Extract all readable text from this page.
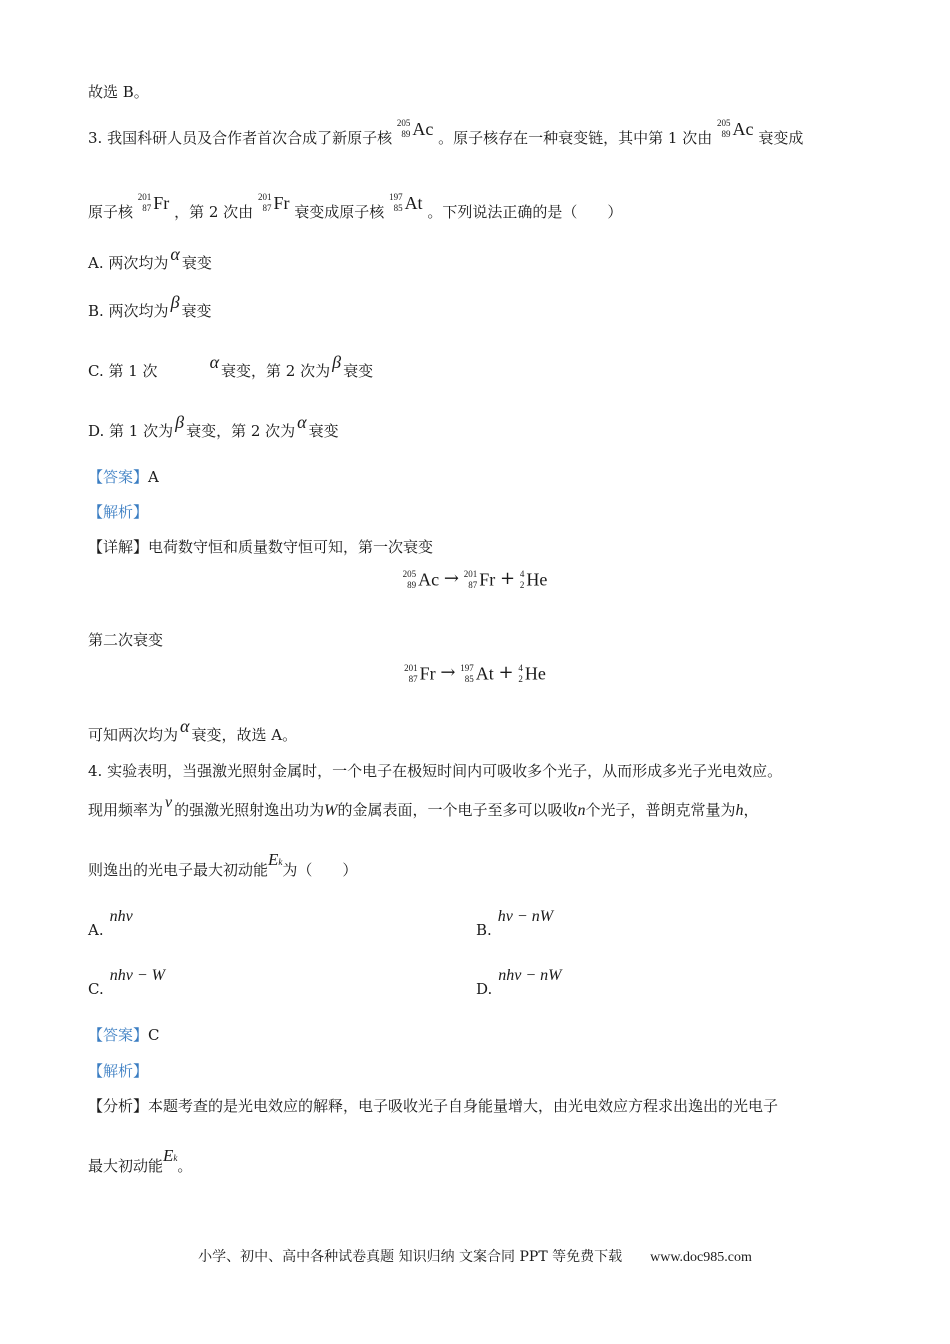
故选 B。
3. 我国科研人员及合作者首次合成了新原子核 205
89 Ac 。原子核存在一种衰变链，其中第 1 次由 205
89 Ac 衰变成
原子核 201
87 Fr ，第 2 次由 201
87 Fr 衰变成原子核 197
85 At 。下列说法正确的是（　　）
A. 两次均为 α 衰变
B. 两次均为 β 衰变
C. 第 1 次	α 衰变，第 2 次为 β 衰变
D. 第 1 次为 β 衰变，第 2 次为 α 衰变
【答案】A
【解析】
【详解】电荷数守恒和质量数守恒可知，第一次衰变
205
89 Ac → 201
87 Fr + 4
2 He
第二次衰变
201
87 Fr → 197
85 At + 4
2 He
可知两次均为 α 衰变，故选 A。
4. 实验表明，当强激光照射金属时，一个电子在极短时间内可吸收多个光子，从而形成多光子光电效应。
现用频率为 ν 的强激光照射逸出功为W的金属表面，一个电子至多可以吸收n个光子，普朗克常量为h，
则逸出的光电子最大初动能Ek为（　　）
A.nhν
B.hν − nW
C.nhν − W
D.nhν − nW
【答案】C
【解析】
【分析】本题考查的是光电效应的解释，电子吸收光子自身能量增大，由光电效应方程求出逸出的光电子
最大初动能Ek。
小学、初中、高中各种试卷真题 知识归纳 文案合同 PPT 等免费下载 www.doc985.com
